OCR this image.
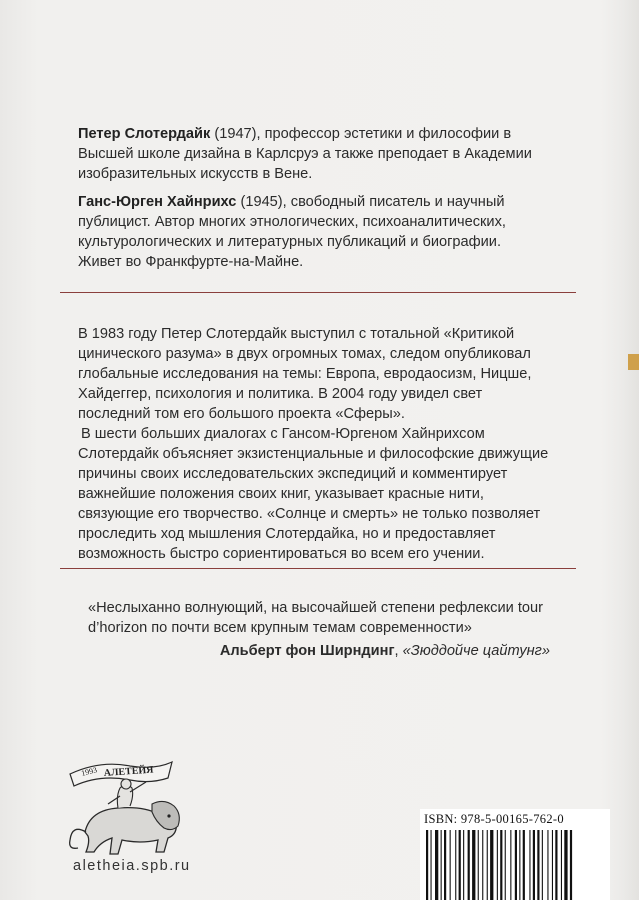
Петер Слотердайк (1947), профессор эстетики и философии в Высшей школе дизайна в Карлсруэ а также преподает в Академии изобразительных искусств в Вене.

Ганс-Юрген Хайнрихс (1945), свободный писатель и научный публицист. Автор многих этнологических, психоаналитических, культурологических и литературных публикаций и биографии. Живет во Франкфурте-на-Майне.

В 1983 году Петер Слотердайк выступил с тотальной «Критикой цинического разума» в двух огромных томах, следом опубликовал глобальные исследования на темы: Европа, евродаосизм, Ницше, Хайдеггер, психология и политика. В 2004 году увидел свет последний том его большого проекта «Сферы».

В шести больших диалогах с Гансом-Юргеном Хайнрихсом Слотердайк объясняет экзистенциальные и философские движущие причины своих исследовательских экспедиций и комментирует важнейшие положения своих книг, указывает красные нити, связующие его творчество. «Солнце и смерть» не только позволяет проследить ход мышления Слотердайка, но и предоставляет возможность быстро сориентироваться во всем его учении.

«Неслыханно волнующий, на высочайшей степени рефлексии tour d’horizon по почти всем крупным темам современности»

Альберт фон Ширндинг, «Зюддойче цайтунг»
1993 АЛЕТЕЙЯ
aletheia.spb.ru
ISBN: 978-5-00165-762-0
